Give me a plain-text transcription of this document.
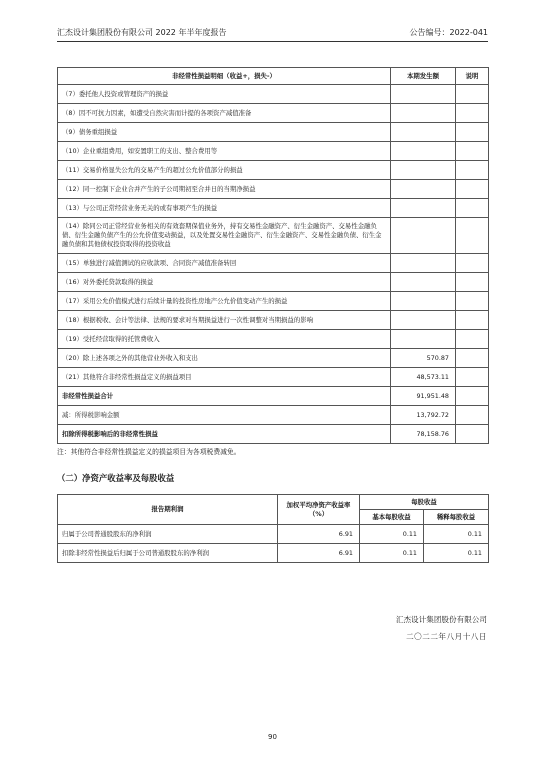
汇杰设计集团股份有限公司 2022 年半年度报告	公告编号：2022-041
非经常性损益明细（收益+，损失-）	本期发生额	说明
（7）委托他人投资或管理资产的损益		
（8）因不可抗力因素，如遭受自然灾害而计提的各项资产减值准备		
（9）债务重组损益		
（10）企业重组费用，如安置职工的支出、整合费用等		
（11）交易价格显失公允的交易产生的超过公允价值部分的损益		
（12）同一控制下企业合并产生的子公司期初至合并日的当期净损益		
（13）与公司正常经营业务无关的或有事项产生的损益		
（14）除同公司正常经营业务相关的有效套期保值业务外，持有交易性金融资产、衍生金融资产、交易性金融负债、衍生金融负债产生的公允价值变动损益，以及处置交易性金融资产、衍生金融资产、交易性金融负债、衍生金融负债和其他债权投资取得的投资收益		
（15）单独进行减值测试的应收款项、合同资产减值准备转回		
（16）对外委托贷款取得的损益		
（17）采用公允价值模式进行后续计量的投资性房地产公允价值变动产生的损益		
（18）根据税收、会计等法律、法规的要求对当期损益进行一次性调整对当期损益的影响		
（19）受托经营取得的托管费收入		
（20）除上述各项之外的其他营业外收入和支出	570.87	
（21）其他符合非经常性损益定义的损益项目	48,573.11	
非经常性损益合计	91,951.48	
减：所得税影响金额	13,792.72	
扣除所得税影响后的非经常性损益	78,158.76	
注：其他符合非经常性损益定义的损益项目为各项税费减免。
（二）净资产收益率及每股收益
报告期利润	加权平均净资产收益率（%）	每股收益	
		基本每股收益	稀释每股收益
归属于公司普通股股东的净利润	6.91	0.11	0.11
扣除非经常性损益后归属于公司普通股股东的净利润	6.91	0.11	0.11
汇杰设计集团股份有限公司
二〇二二年八月十八日
90
